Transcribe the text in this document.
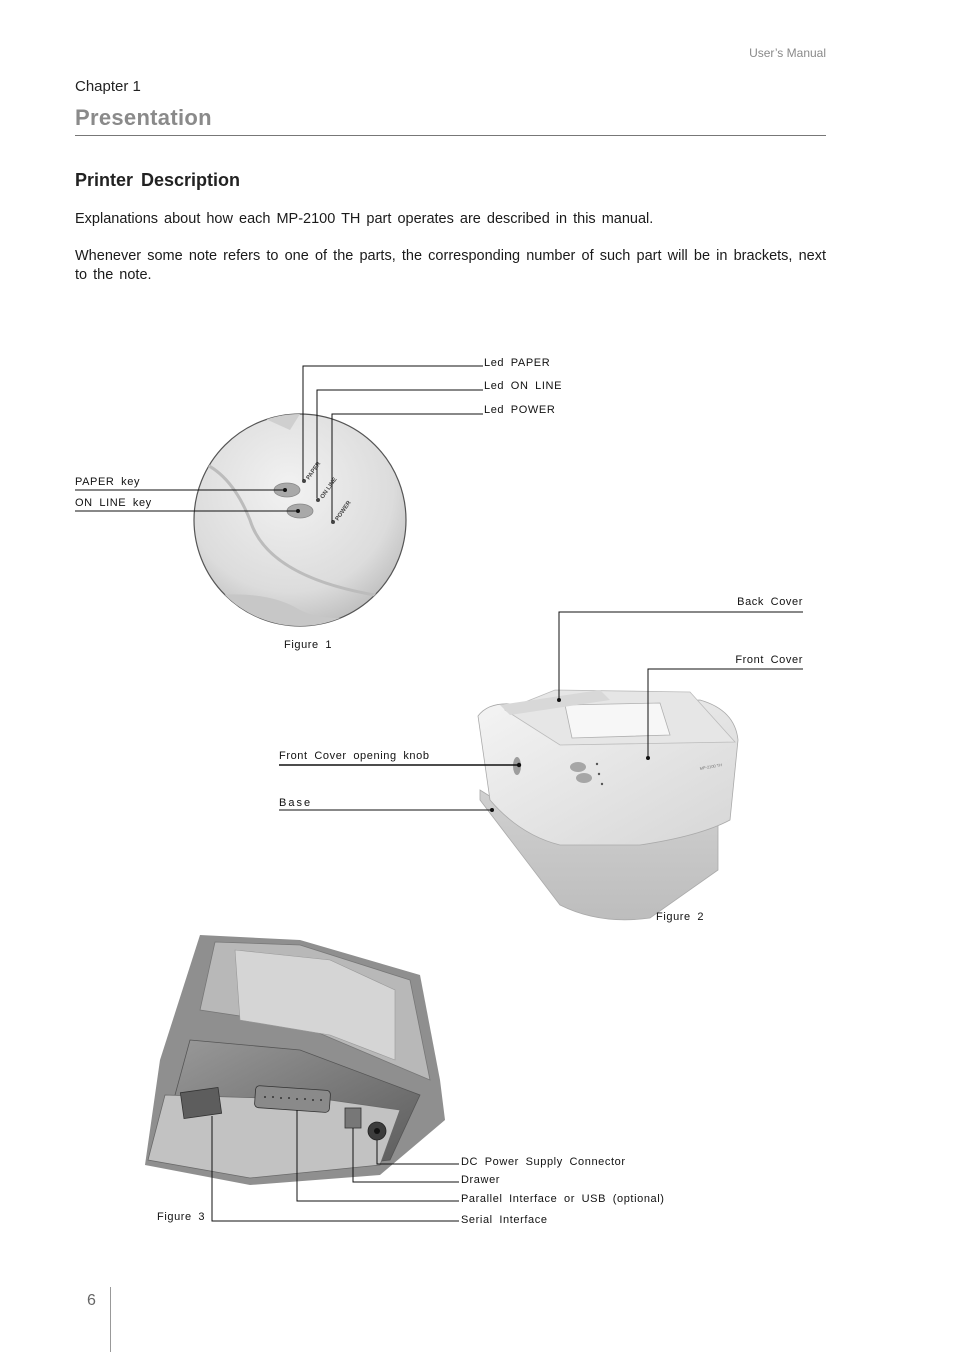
User’s Manual
Chapter 1
Presentation
Printer Description
Explanations about how each MP-2100 TH part operates are described in this manual.
Whenever some note refers to one of the parts, the corresponding number of such part will be in brackets, next to the note.
PAPER
ON LINE
POWER
MP-2100 TH
Led PAPER
Led ON LINE
Led POWER
PAPER key
ON LINE key
Figure 1
Back Cover
Front Cover
Front Cover opening knob
Base
Figure 2
DC Power Supply Connector
Drawer
Parallel Interface or USB (optional)
Serial Interface
Figure 3
6
